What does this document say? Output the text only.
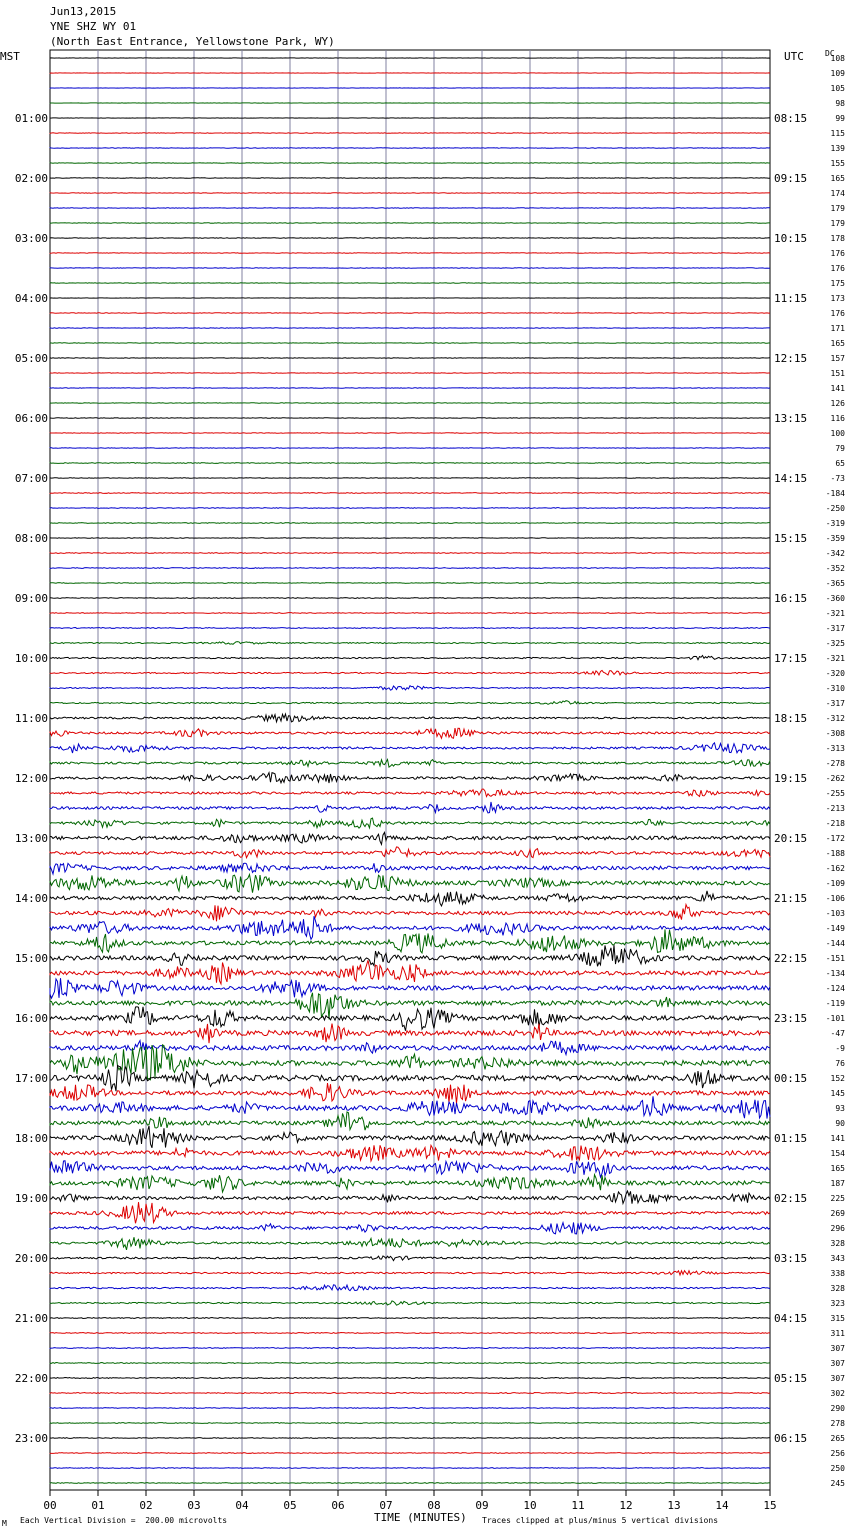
Jun13,2015
YNE SHZ WY 01
(North East Entrance, Yellowstone Park, WY)
MST	UTC	DC
00	01	02	03	04	05	06	07	08	09	10	11	12	13	14	15
108
109
105
98
99
115
139
155
165
174
179
179
178
176
176
175
173
176
171
165
157
151
141
126
116
100
79
65
-73
-184
-250
-319
-359
-342
-352
-365
-360
-321
-317
-325
-321
-320
-310
-317
-312
-308
-313
-278
-262
-255
-213
-218
-172
-188
-162
-109
-106
-103
-149
-144
-151
-134
-124
-119
-101
-47
-9
76
152
145
93
90
141
154
165
187
225
269
296
328
343
338
328
323
315
311
307
307
307
302
290
278
265
256
250
245
01:00	08:15
02:00	09:15
03:00	10:15
04:00	11:15
05:00	12:15
06:00	13:15
07:00	14:15
08:00	15:15
09:00	16:15
10:00	17:15
11:00	18:15
12:00	19:15
13:00	20:15
14:00	21:15
15:00	22:15
16:00	23:15
17:00	00:15
18:00	01:15
19:00	02:15
20:00	03:15
21:00	04:15
22:00	05:15
23:00	06:15
TIME (MINUTES)
Each Vertical Division =  200.00 microvolts	Traces clipped at plus/minus 5 vertical divisions
M
